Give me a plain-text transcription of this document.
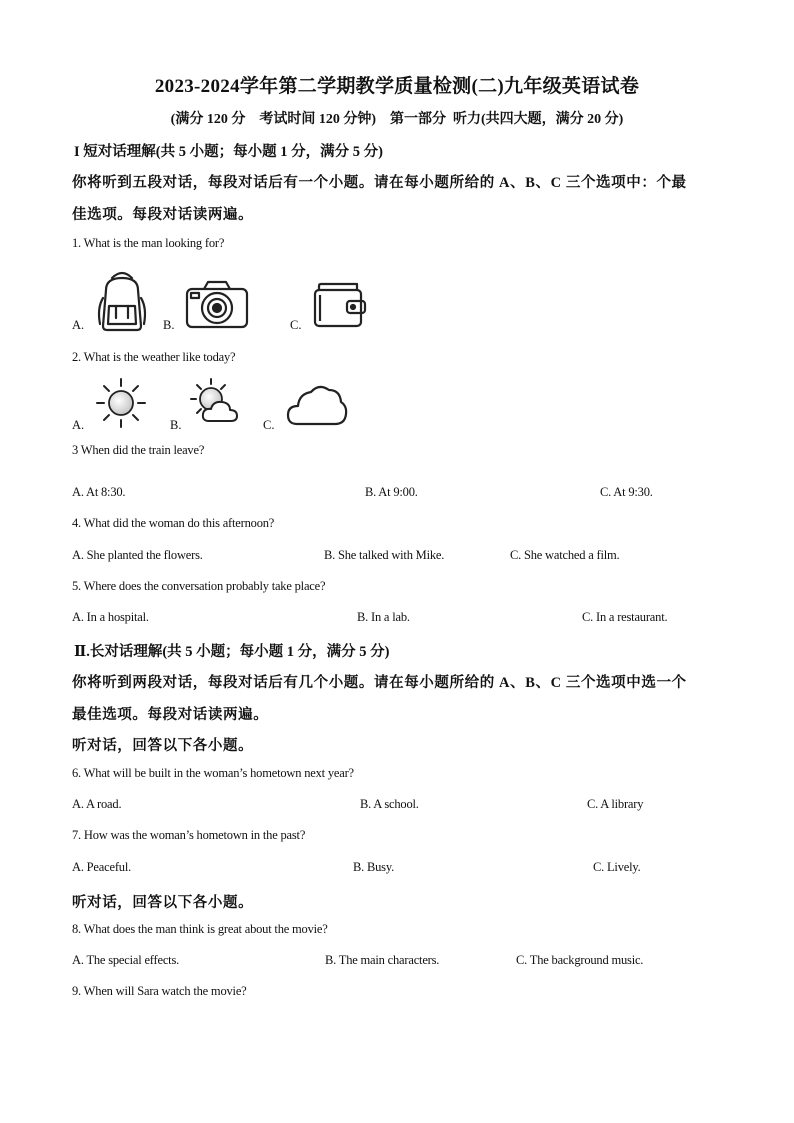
2023-2024学年第二学期教学质量检测(二)九年级英语试卷
(满分 120 分    考试时间 120 分钟)    第一部分  听力(共四大题，满分 20 分)
I 短对话理解(共 5 小题；每小题 1 分，满分 5 分)
你将听到五段对话，每段对话后有一个小题。请在每小题所给的 A、B、C 三个选项中：个最
佳选项。每段对话读两遍。
1. What is the man looking for?
A.	B.	C.
2. What is the weather like today?
A.	B.	C.
3 When did the train leave?
A. At 8:30.	B. At 9:00.	C. At 9:30.
4. What did the woman do this afternoon?
A. She planted the flowers.	B. She talked with Mike.	C. She watched a film.
5. Where does the conversation probably take place?
A. In a hospital.	B. In a lab.	C. In a restaurant.
Ⅱ.长对话理解(共 5 小题；每小题 1 分，满分 5 分)
你将听到两段对话，每段对话后有几个小题。请在每小题所给的 A、B、C 三个选项中选一个
最佳选项。每段对话读两遍。
听对话，回答以下各小题。
6. What will be built in the woman’s hometown next year?
A. A road.	B. A school.	C. A library
7. How was the woman’s hometown in the past?
A. Peaceful.	B. Busy.	C. Lively.
听对话，回答以下各小题。
8. What does the man think is great about the movie?
A. The special effects.	B. The main characters.	C. The background music.
9. When will Sara watch the movie?
